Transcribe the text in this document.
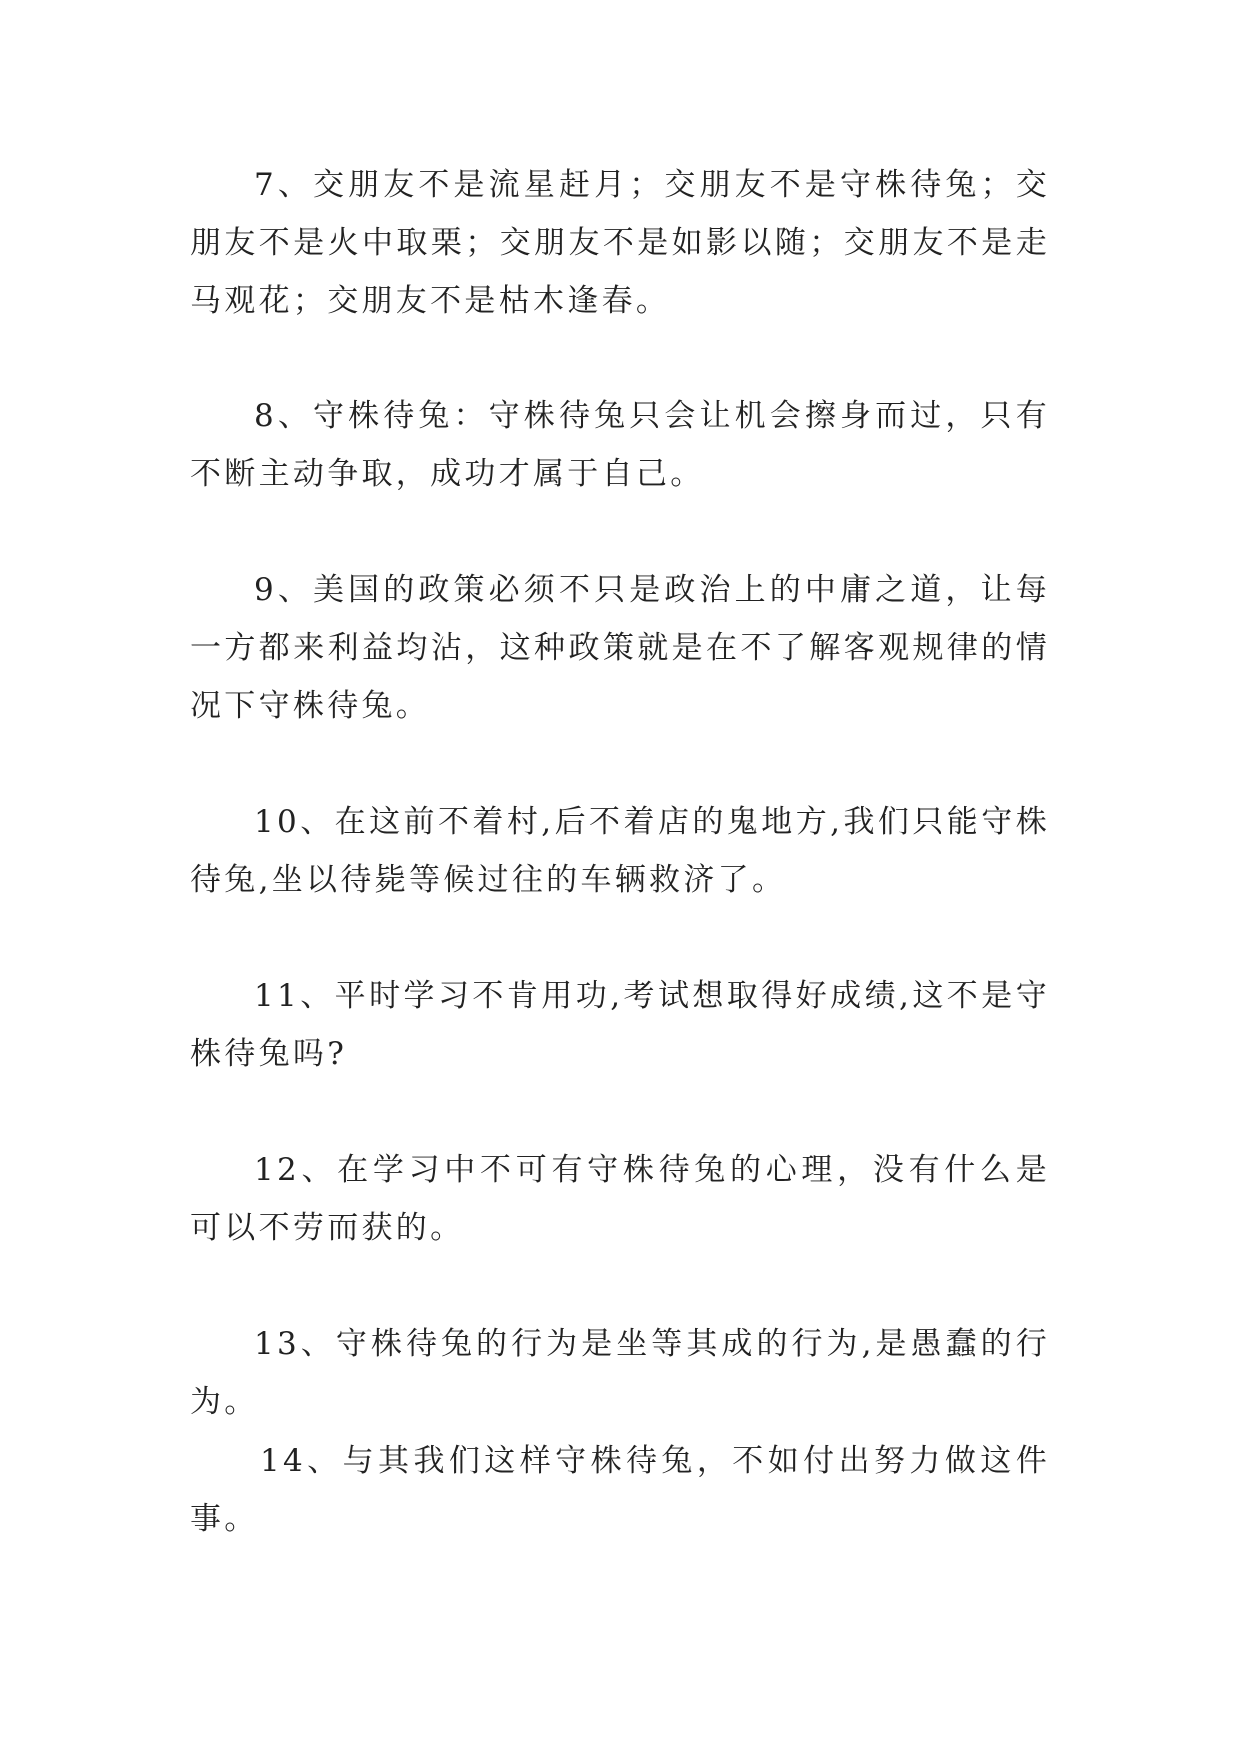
7、交朋友不是流星赶月；交朋友不是守株待兔；交朋友不是火中取栗；交朋友不是如影以随；交朋友不是走马观花；交朋友不是枯木逢春。

8、守株待兔：守株待兔只会让机会擦身而过，只有不断主动争取，成功才属于自己。

9、美国的政策必须不只是政治上的中庸之道，让每一方都来利益均沾，这种政策就是在不了解客观规律的情况下守株待兔。

10、在这前不着村,后不着店的鬼地方,我们只能守株待兔,坐以待毙等候过往的车辆救济了。

11、平时学习不肯用功,考试想取得好成绩,这不是守株待兔吗?

12、在学习中不可有守株待兔的心理，没有什么是可以不劳而获的。

13、守株待兔的行为是坐等其成的行为,是愚蠢的行为。

14、与其我们这样守株待兔，不如付出努力做这件事。
